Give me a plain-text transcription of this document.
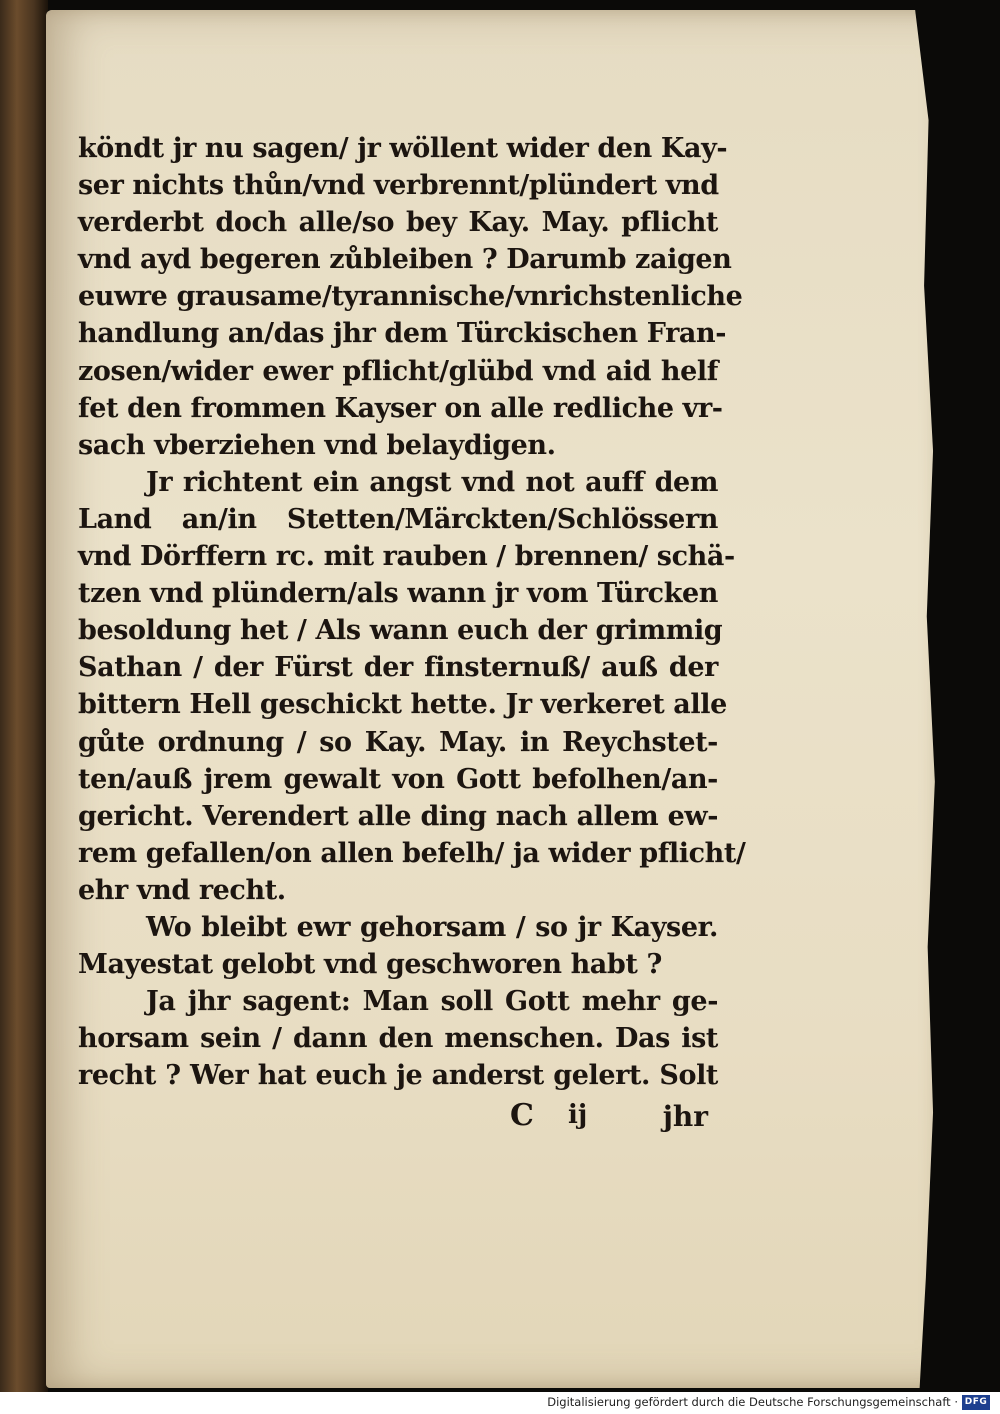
köndt jr nu sagen/ jr wöllent wider den Kay-
ser nichts thůn/vnd verbrennt/plündert vnd
verderbt doch alle/so bey Kay. May. pflicht
vnd ayd begeren zůbleiben ? Darumb zaigen
euwre grausame/tyrannische/vnrichstenliche
handlung an/das jhr dem Türckischen Fran-
zosen/wider ewer pflicht/glübd vnd aid helf
fet den frommen Kayser on alle redliche vr-
sach vberziehen vnd belaydigen.
Jr richtent ein angst vnd not auff dem
Land an/in Stetten/Märckten/Schlössern
vnd Dörffern rc. mit rauben / brennen/ schä-
tzen vnd plündern/als wann jr vom Türcken
besoldung het / Als wann euch der grimmig
Sathan / der Fürst der finsternuß/ auß der
bittern Hell geschickt hette. Jr verkeret alle
gůte ordnung / so Kay. May. in Reychstet-
ten/auß jrem gewalt von Gott befolhen/an-
gericht. Verendert alle ding nach allem ew-
rem gefallen/on allen befelh/ ja wider pflicht/
ehr vnd recht.
Wo bleibt ewr gehorsam / so jr Kayser.
Mayestat gelobt vnd geschworen habt ?
Ja jhr sagent: Man soll Gott mehr ge-
horsam sein / dann den menschen. Das ist
recht ? Wer hat euch je anderst gelert. Solt
C ij	jhr
Digitalisierung gefördert durch die Deutsche Forschungsgemeinschaft · DFG
